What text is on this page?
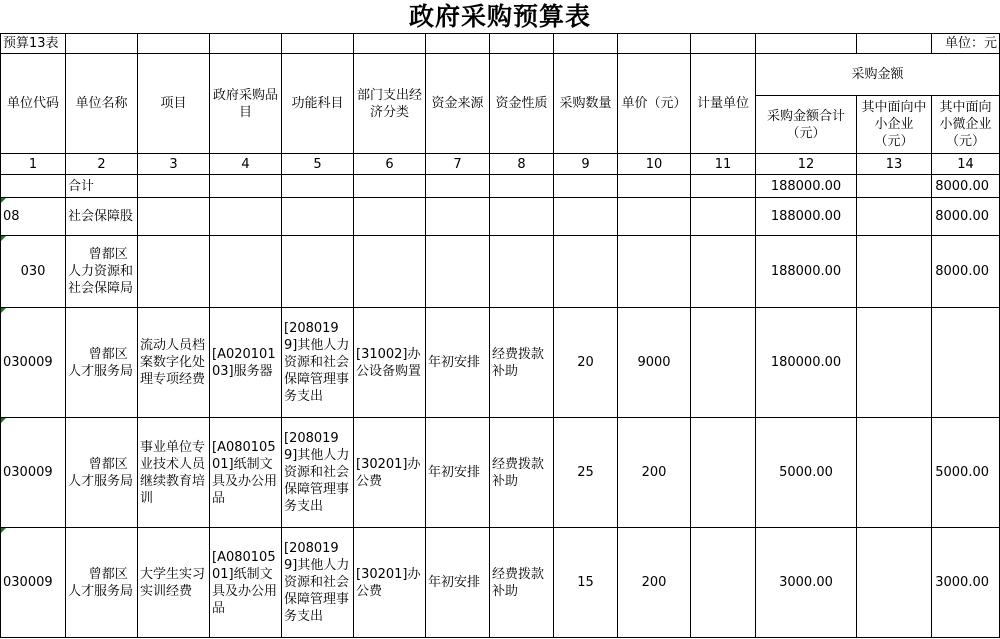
政府采购预算表
预算13表													单位：元
单位代码	单位名称	项目	政府采购品目	功能科目	部门支出经济分类	资金来源	资金性质	采购数量	单价（元）	计量单位	采购金额		
											采购金额合计（元）	其中面向中小企业（元）	其中面向小微企业（元）
1	2	3	4	5	6	7	8	9	10	11	12	13	14
	合计										188000.00		8000.00
08	社会保障股										188000.00		8000.00
030	曾都区人力资源和社会保障局										188000.00		8000.00
030009	曾都区人才服务局	流动人员档案数字化处理专项经费	[A02010103]服务器	[2080199]其他人力资源和社会保障管理事务支出	[31002]办公设备购置	年初安排	经费拨款补助	20	9000		180000.00		
030009	曾都区人才服务局	事业单位专业技术人员继续教育培训	[A08010501]纸制文具及办公用品	[2080199]其他人力资源和社会保障管理事务支出	[30201]办公费	年初安排	经费拨款补助	25	200		5000.00		5000.00
030009	曾都区人才服务局	大学生实习实训经费	[A08010501]纸制文具及办公用品	[2080199]其他人力资源和社会保障管理事务支出	[30201]办公费	年初安排	经费拨款补助	15	200		3000.00		3000.00
